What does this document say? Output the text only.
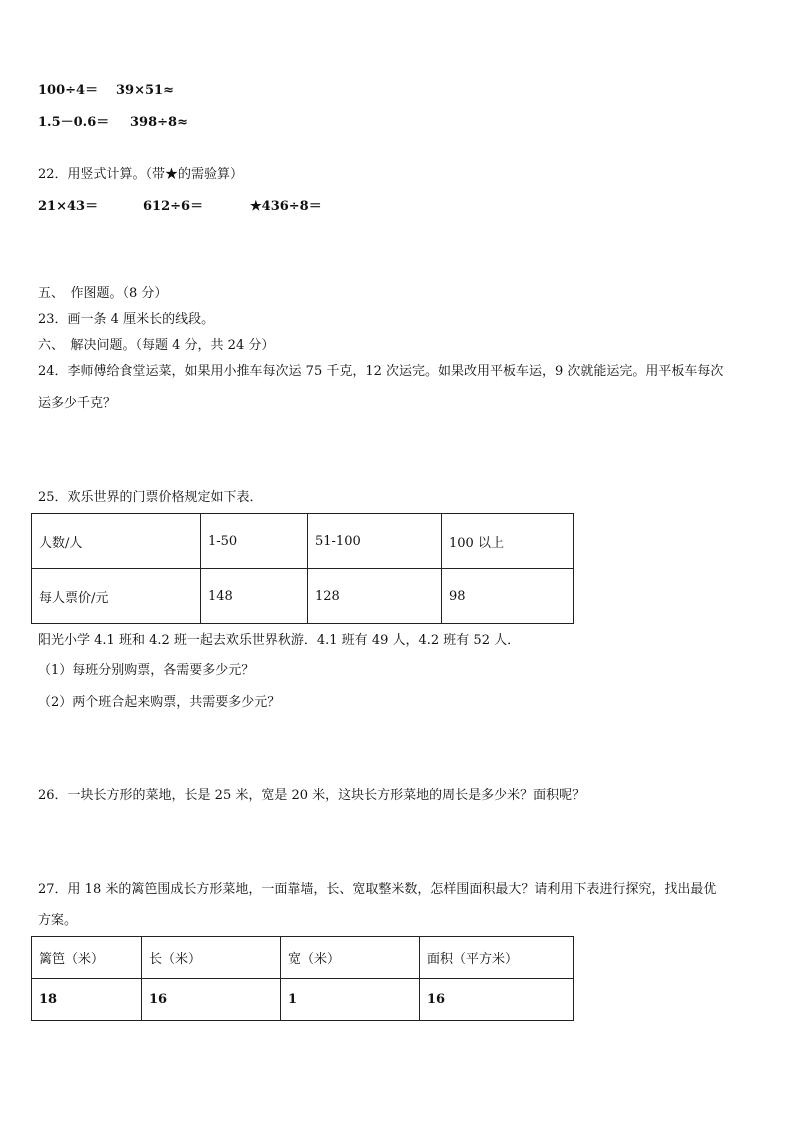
100÷4＝ 39×51≈
1.5－0.6＝ 398÷8≈
22．用竖式计算。（带★的需验算）
21×43＝	612÷6＝	★436÷8＝
五、　作图题。（8 分）
23．画一条 4 厘米长的线段。
六、　解决问题。（每题 4 分，共 24 分）
24．李师傅给食堂运菜，如果用小推车每次运 75 千克，12 次运完。如果改用平板车运，9 次就能运完。用平板车每次
运多少千克？
25．欢乐世界的门票价格规定如下表．
人数/人	1-50	51-100	100 以上
每人票价/元	148	128	98
阳光小学 4.1 班和 4.2 班一起去欢乐世界秋游．4.1 班有 49 人，4.2 班有 52 人．
（1）每班分别购票，各需要多少元？
（2）两个班合起来购票，共需要多少元？
26．一块长方形的菜地，长是 25 米，宽是 20 米，这块长方形菜地的周长是多少米？面积呢？
27．用 18 米的篱笆围成长方形菜地，一面靠墙，长、宽取整米数，怎样围面积最大？请利用下表进行探究，找出最优
方案。
篱笆（米）	长（米）	宽（米）	面积（平方米）
18	16	1	16
